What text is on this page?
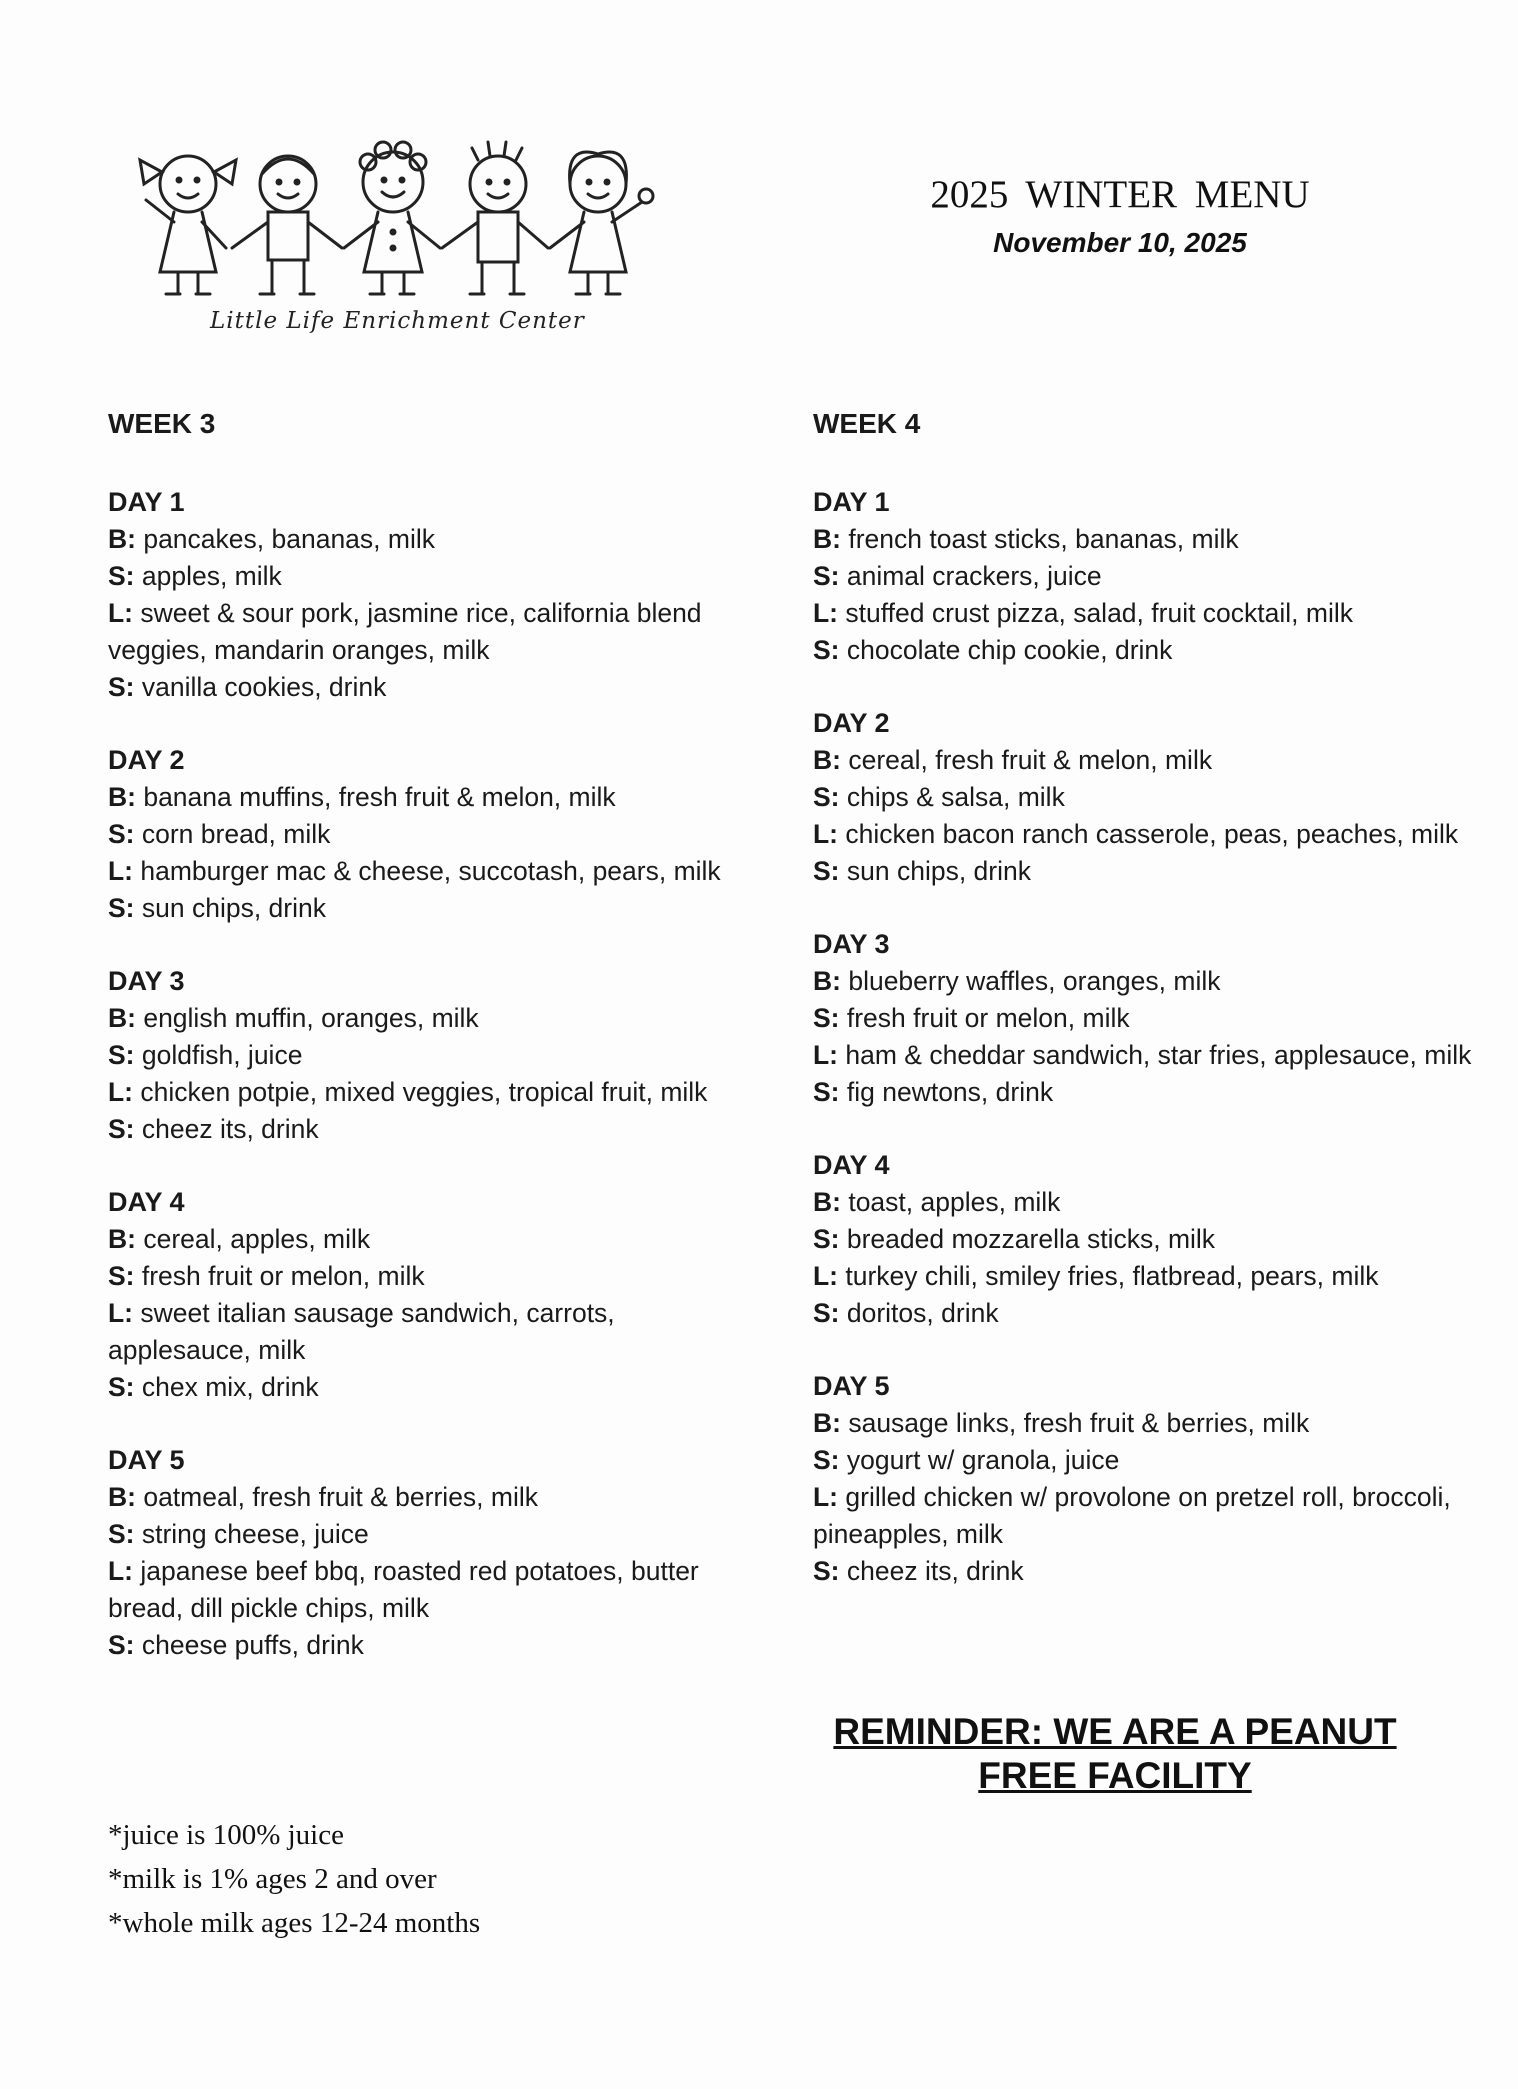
Little Life Enrichment Center
2025 WINTER MENU
November 10, 2025
WEEK 3
DAY 1
B: pancakes, bananas, milk
S: apples, milk
L: sweet & sour pork, jasmine rice, california blend veggies, mandarin oranges, milk
S: vanilla cookies, drink
DAY 2
B: banana muffins, fresh fruit & melon, milk
S: corn bread, milk
L: hamburger mac & cheese, succotash, pears, milk
S: sun chips, drink
DAY 3
B: english muffin, oranges, milk
S: goldfish, juice
L: chicken potpie, mixed veggies, tropical fruit, milk
S: cheez its, drink
DAY 4
B: cereal, apples, milk
S: fresh fruit or melon, milk
L: sweet italian sausage sandwich, carrots, applesauce, milk
S: chex mix, drink
DAY 5
B: oatmeal, fresh fruit & berries, milk
S: string cheese, juice
L: japanese beef bbq, roasted red potatoes, butter bread, dill pickle chips, milk
S: cheese puffs, drink
WEEK 4
DAY 1
B: french toast sticks, bananas, milk
S: animal crackers, juice
L: stuffed crust pizza, salad, fruit cocktail, milk
S: chocolate chip cookie, drink
DAY 2
B: cereal, fresh fruit & melon, milk
S: chips & salsa, milk
L: chicken bacon ranch casserole, peas, peaches, milk
S: sun chips, drink
DAY 3
B: blueberry waffles, oranges, milk
S: fresh fruit or melon, milk
L: ham & cheddar sandwich, star fries, applesauce, milk
S: fig newtons, drink
DAY 4
B: toast, apples, milk
S: breaded mozzarella sticks, milk
L: turkey chili, smiley fries, flatbread, pears, milk
S: doritos, drink
DAY 5
B: sausage links, fresh fruit & berries, milk
S: yogurt w/ granola, juice
L: grilled chicken w/ provolone on pretzel roll, broccoli, pineapples, milk
S: cheez its, drink
REMINDER: WE ARE A PEANUT FREE FACILITY
*juice is 100% juice
*milk is 1% ages 2 and over
*whole milk ages 12-24 months
